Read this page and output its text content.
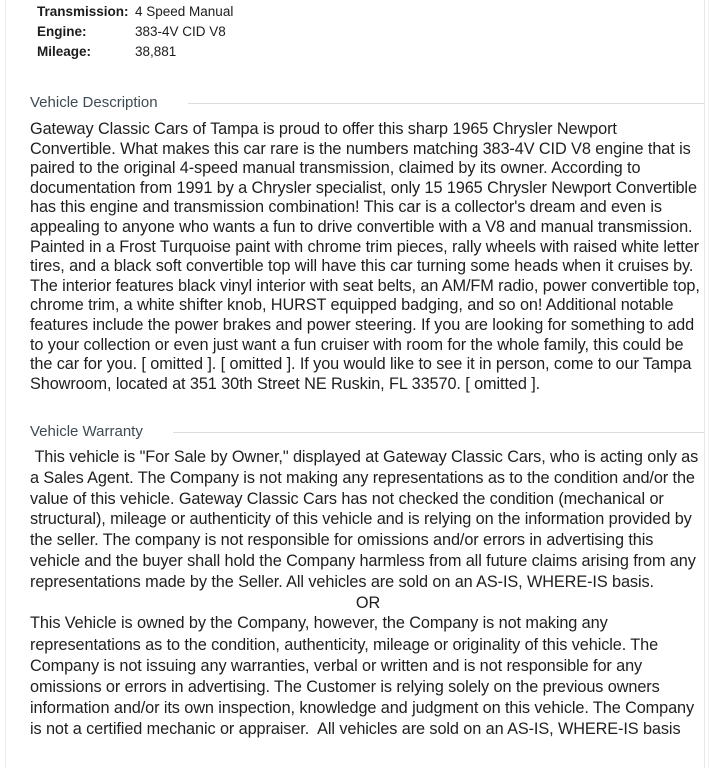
Transmission: 4 Speed Manual
Engine:	383-4V CID V8
Mileage:	38,881
Vehicle Description
Gateway Classic Cars of Tampa is proud to offer this sharp 1965 Chrysler Newport Convertible. What makes this car rare is the numbers matching 383-4V CID V8 engine that is paired to the original 4-speed manual transmission, claimed by its owner. According to documentation from 1991 by a Chrysler specialist, only 15 1965 Chrysler Newport Convertible has this engine and transmission combination! This car is a collector's dream and even is appealing to anyone who wants a fun to drive convertible with a V8 and manual transmission. Painted in a Frost Turquoise paint with chrome trim pieces, rally wheels with raised white letter tires, and a black soft convertible top will have this car turning some heads when it cruises by. The interior features black vinyl interior with seat belts, an AM/FM radio, power convertible top, chrome trim, a white shifter knob, HURST equipped badging, and so on! Additional notable features include the power brakes and power steering. If you are looking for something to add to your collection or even just want a fun cruiser with room for the whole family, this could be the car for you. [ omitted ]. [ omitted ]. If you would like to see it in person, come to our Tampa Showroom, located at 351 30th Street NE Ruskin, FL 33570. [ omitted ].
Vehicle Warranty

This vehicle is "For Sale by Owner," displayed at Gateway Classic Cars, who is acting only as a Sales Agent. The Company is not making any representations as to the condition and/or the value of this vehicle. Gateway Classic Cars has not checked the condition (mechanical or structural), mileage or authenticity of this vehicle and is relying on the information provided by the seller. The company is not responsible for omissions and/or errors in advertising this vehicle and the buyer shall hold the Company harmless from all future claims arising from any representations made by the Seller. All vehicles are sold on an AS-IS, WHERE-IS basis.

OR

This Vehicle is owned by the Company, however, the Company is not making any representations as to the condition, authenticity, mileage or originality of this vehicle. The Company is not issuing any warranties, verbal or written and is not responsible for any omissions or errors in advertising. The Customer is relying solely on the previous owners information and/or its own inspection, knowledge and judgment on this vehicle. The Company is not a certified mechanic or appraiser.  All vehicles are sold on an AS-IS, WHERE-IS basis
